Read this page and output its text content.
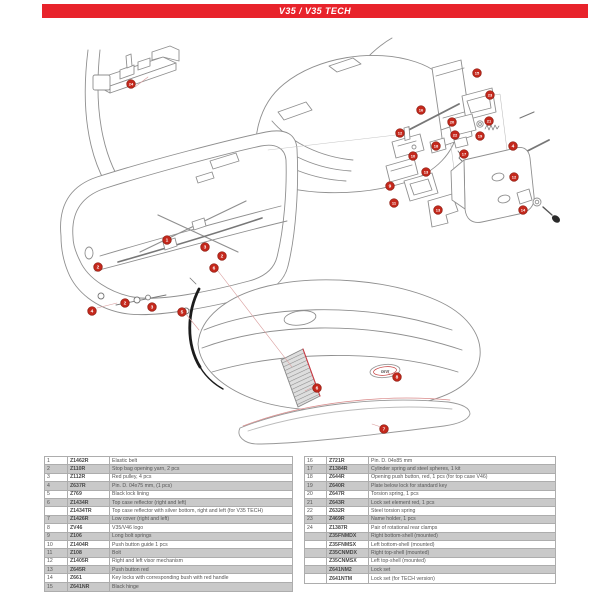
V35 / V35 TECH
GIVI
24
1
3
2
2	6
4
2
3
5
6
8
7
15
23
16
20	21
22	19
18	4
17
12
10
9
11
13
13
12
14
1	Z1462R	Elastic belt
2	Z110R	Stop bag opening yarn, 2 pcs
3	Z112R	Red pulley, 4 pcs
4	Z637R	Pin. D. 04x75 mm, (1 pcs)
5	Z769	Black lock lining
6	Z1434R	Top case reflector (right and left)
Z1434TR	Top case reflector with silver bottom, right and left (for V35 TECH)
7	Z1426R	Low cover (right and left)
8	ZV46	V35/V46 logo
9	Z106	Long bolt springs
10	Z1404R	Push button guide 1 pcs
11	Z108	Bolt
12	Z1405R	Right and left visor mechanism
13	Z645R	Push button red
14	Z661	Key locks with corresponding bush with red handle
15	Z641NR	Black hinge
16	Z721R	Pin. D. 04x85 mm
17	Z1384R	Cylinder spring and steel spheres, 1 kit
18	Z644R	Opening push button, red, 1 pcs (for top case V46)
19	Z640R	Plate below lock for standard key
20	Z647R	Torsion spring, 1 pcs
21	Z643R	Lock set element red, 1 pcs
22	Z632R	Steel torsion spring
23	Z469R	Name holder, 1 pcs
24	Z1387R	Pair of rotational rear clamps
Z35FNMDX	Right bottom-shell (mounted)
Z35FNMSX	Left bottom-shell (mounted)
Z35CNMDX	Right top-shell (mounted)
Z35CNMSX	Left top-shell (mounted)
Z641NM2	Lock set
Z641NTM	Lock set (for TECH version)
